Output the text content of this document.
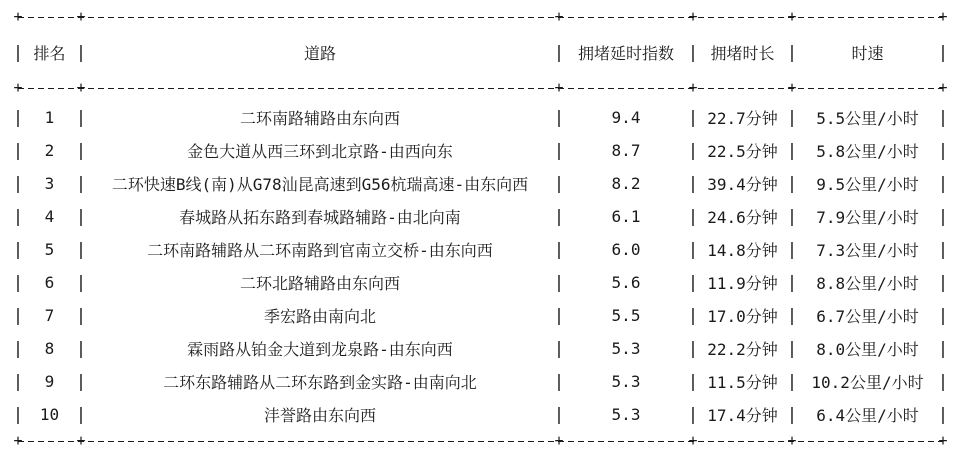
+
+
+
+
+
+
|
|
|
|
|
|
排名	道路	拥堵延时指数	拥堵时长	时速
+
+
+
+
+
+
|
|
|
|
|
|
1	二环南路辅路由东向西	9.4	22.7分钟	5.5公里/小时
|
|
|
|
|
|
2	金色大道从西三环到北京路-由西向东	8.7	22.5分钟	5.8公里/小时
|
|
|
|
|
|
3	二环快速B线(南)从G78汕昆高速到G56杭瑞高速-由东向西	8.2	39.4分钟	9.5公里/小时
|
|
|
|
|
|
4	春城路从拓东路到春城路辅路-由北向南	6.1	24.6分钟	7.9公里/小时
|
|
|
|
|
|
5	二环南路辅路从二环南路到官南立交桥-由东向西	6.0	14.8分钟	7.3公里/小时
|
|
|
|
|
|
6	二环北路辅路由东向西	5.6	11.9分钟	8.8公里/小时
|
|
|
|
|
|
7	季宏路由南向北	5.5	17.0分钟	6.7公里/小时
|
|
|
|
|
|
8	霖雨路从铂金大道到龙泉路-由东向西	5.3	22.2分钟	8.0公里/小时
|
|
|
|
|
|
9	二环东路辅路从二环东路到金实路-由南向北	5.3	11.5分钟	10.2公里/小时
|
|
|
|
|
|
10	沣誉路由东向西	5.3	17.4分钟	6.4公里/小时
+
+
+
+
+
+
